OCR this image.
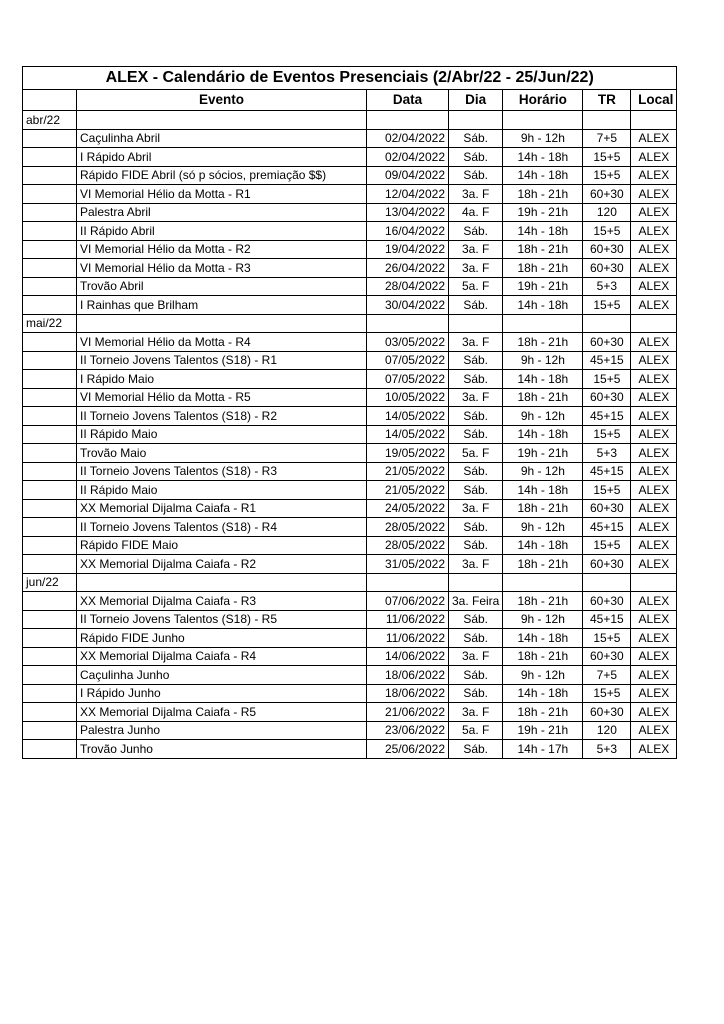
ALEX - Calendário de Eventos Presenciais (2/Abr/22 - 25/Jun/22)						
	Evento	Data	Dia	Horário	TR	Local
abr/22						
	Caçulinha Abril	02/04/2022	Sáb.	9h - 12h	7+5	ALEX
	I Rápido Abril	02/04/2022	Sáb.	14h - 18h	15+5	ALEX
	Rápido FIDE Abril (só p sócios, premiação $$)	09/04/2022	Sáb.	14h - 18h	15+5	ALEX
	VI Memorial Hélio da Motta - R1	12/04/2022	3a. F	18h - 21h	60+30	ALEX
	Palestra Abril	13/04/2022	4a. F	19h - 21h	120	ALEX
	II Rápido Abril	16/04/2022	Sáb.	14h - 18h	15+5	ALEX
	VI Memorial Hélio da Motta - R2	19/04/2022	3a. F	18h - 21h	60+30	ALEX
	VI Memorial Hélio da Motta - R3	26/04/2022	3a. F	18h - 21h	60+30	ALEX
	Trovão Abril	28/04/2022	5a. F	19h - 21h	5+3	ALEX
	I Rainhas que Brilham	30/04/2022	Sáb.	14h - 18h	15+5	ALEX
mai/22						
	VI Memorial Hélio da Motta - R4	03/05/2022	3a. F	18h - 21h	60+30	ALEX
	II Torneio Jovens Talentos (S18) - R1	07/05/2022	Sáb.	9h - 12h	45+15	ALEX
	I Rápido Maio	07/05/2022	Sáb.	14h - 18h	15+5	ALEX
	VI Memorial Hélio da Motta - R5	10/05/2022	3a. F	18h - 21h	60+30	ALEX
	II Torneio Jovens Talentos (S18) - R2	14/05/2022	Sáb.	9h - 12h	45+15	ALEX
	II Rápido Maio	14/05/2022	Sáb.	14h - 18h	15+5	ALEX
	Trovão Maio	19/05/2022	5a. F	19h - 21h	5+3	ALEX
	II Torneio Jovens Talentos (S18) - R3	21/05/2022	Sáb.	9h - 12h	45+15	ALEX
	II Rápido Maio	21/05/2022	Sáb.	14h - 18h	15+5	ALEX
	XX Memorial Dijalma Caiafa - R1	24/05/2022	3a. F	18h - 21h	60+30	ALEX
	II Torneio Jovens Talentos (S18) - R4	28/05/2022	Sáb.	9h - 12h	45+15	ALEX
	Rápido FIDE Maio	28/05/2022	Sáb.	14h - 18h	15+5	ALEX
	XX Memorial Dijalma Caiafa - R2	31/05/2022	3a. F	18h - 21h	60+30	ALEX
jun/22						
	XX Memorial Dijalma Caiafa - R3	07/06/2022	3a. Feira	18h - 21h	60+30	ALEX
	II Torneio Jovens Talentos (S18) - R5	11/06/2022	Sáb.	9h - 12h	45+15	ALEX
	Rápido FIDE Junho	11/06/2022	Sáb.	14h - 18h	15+5	ALEX
	XX Memorial Dijalma Caiafa - R4	14/06/2022	3a. F	18h - 21h	60+30	ALEX
	Caçulinha Junho	18/06/2022	Sáb.	9h - 12h	7+5	ALEX
	I Rápido Junho	18/06/2022	Sáb.	14h - 18h	15+5	ALEX
	XX Memorial Dijalma Caiafa - R5	21/06/2022	3a. F	18h - 21h	60+30	ALEX
	Palestra Junho	23/06/2022	5a. F	19h - 21h	120	ALEX
	Trovão Junho	25/06/2022	Sáb.	14h - 17h	5+3	ALEX
